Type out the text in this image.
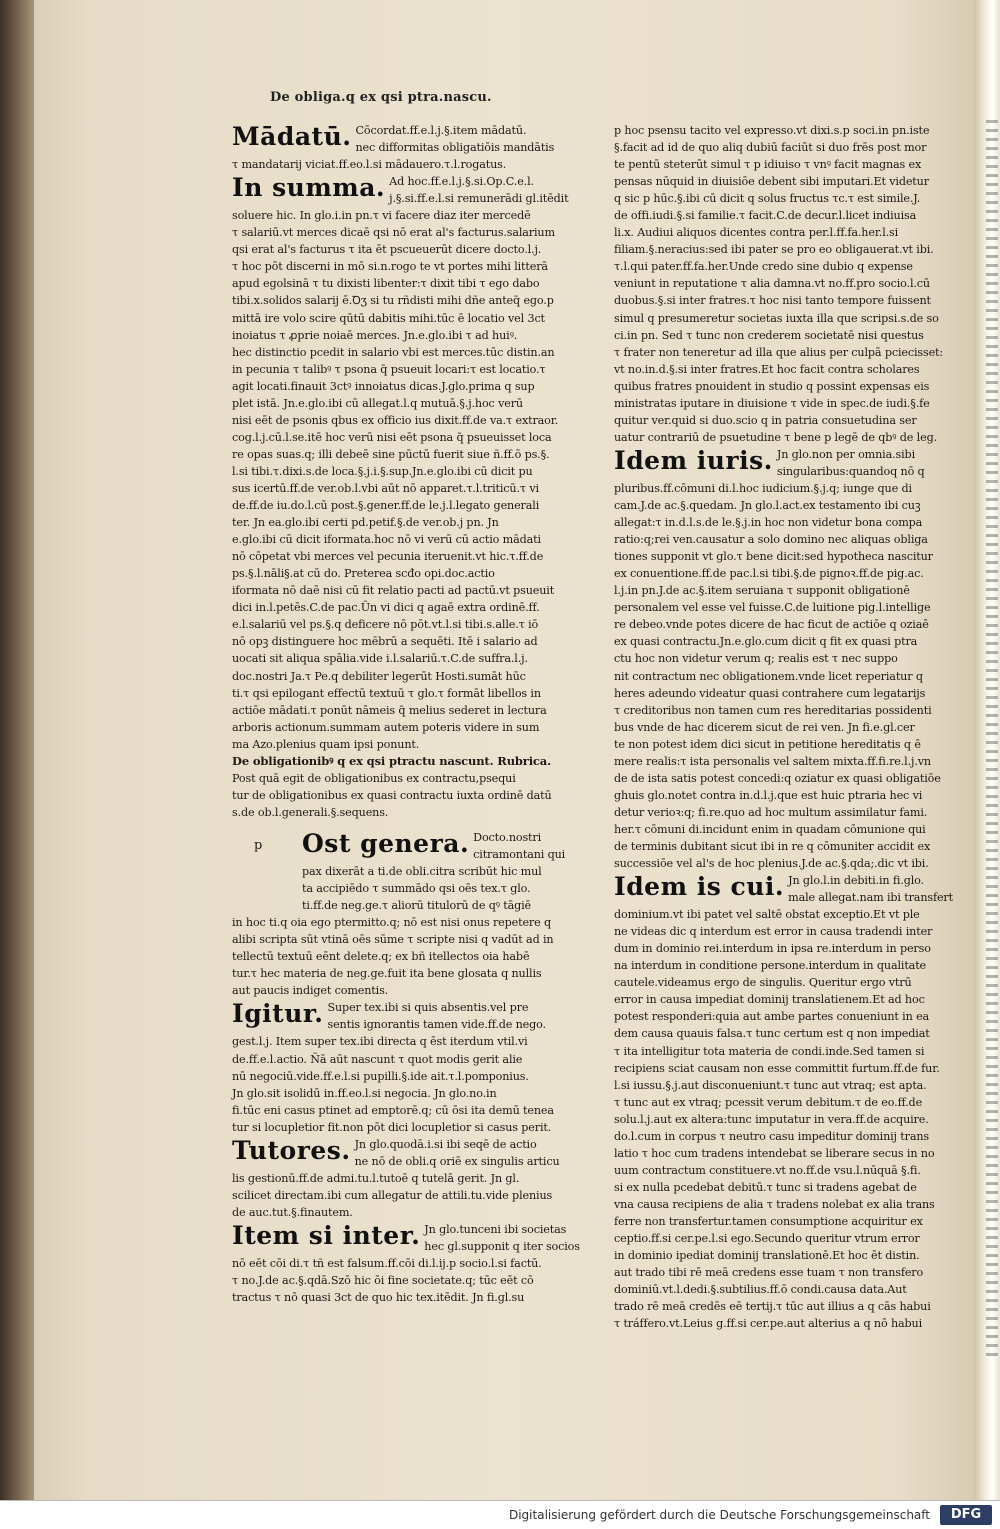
De obliga.q ex qsi ptra.nascu.
p
Mādatū. Cōcordat.ff.e.l.j.§.item mādatū.

nec difformitas obligatiōis mandātis

τ mandatarij viciat.ff.eo.l.si mādauero.τ.l.rogatus.

In summa. Ad hoc.ff.e.l.j.§.si.Op.C.e.l.

j.§.si.ff.e.l.si remunerādi gl.itēdit

soluere hic. In glo.i.in pn.τ vi facere diaz iter mercedē

τ salariū.vt merces dicaē qsi nō erat al's facturus.salarium

qsi erat al's facturus τ ita ēt pscueuerūt dicere docto.l.j.

τ hoc pōt discerni in mō si.n.rogo te vt portes mihi litterā

apud egolsinā τ tu dixisti libenter:τ dixit tibi τ ego dabo

tibi.x.solidos salarij ē.Ꝺʒ si tu rñdisti mihi dñe anteq̄ ego.p

mittā ire volo scire qūtū dabitis mihi.tūc ē locatio vel 3ct

inoiatus τ ꝓprie noiaē merces. Jn.e.glo.ibi τ ad huiꝰ.

hec distinctio pcedit in salario vbi est merces.tūc distin.an

in pecunia τ talibꝰ τ psona q̄ psueuit locari:τ est locatio.τ

agit locati.finauit 3ctꝰ innoiatus dicas.J.glo.prima q sup

plet istā. Jn.e.glo.ibi cū allegat.l.q mutuā.§.j.hoc verū

nisi eēt de psonis qbus ex officio ius dixit.ff.de va.τ extraor.

cog.l.j.cū.l.se.itē hoc verū nisi eēt psona q̄ psueuisset loca

re opas suas.q; illi debeē sine pūctū fuerit siue ñ.ff.ō ps.§.

l.si tibi.τ.dixi.s.de loca.§.j.i.§.sup.Jn.e.glo.ibi cū dicit pu

sus icertū.ff.de ver.ob.l.vbi aūt nō apparet.τ.l.triticū.τ vi

de.ff.de iu.do.l.cū post.§.gener.ff.de le.j.l.legato generali

ter. Jn ea.glo.ibi certi pd.petif.§.de ver.ob.j pn. Jn

e.glo.ibi cū dicit iformata.hoc nō vi verū cū actio mādati

nō cōpetat vbi merces vel pecunia iteruenit.vt hic.τ.ff.de

ps.§.l.nāli§.at cū do. Preterea scđo opi.doc.actio

iformata nō daē nisi cū fit relatio pacti ad pactū.vt psueuit

dici in.l.petēs.C.de pac.Ūn vi dici q agaē extra ordinē.ff.

e.l.salariū vel ps.§.q deficere nō pōt.vt.l.si tibi.s.alle.τ iō

nō opꝫ distinguere hoc mēbrū a sequēti. Itē i salario ad

uocati sit aliqua spālia.vide i.l.salariū.τ.C.de suffra.l.j.

doc.nostri Ja.τ Pe.q debiliter legerūt Hosti.sumāt hūc

ti.τ qsi epilogant effectū textuū τ glo.τ formāt libellos in

actiōe mādati.τ ponūt nāmeis q̄ melius sederet in lectura

arboris actionum.summam autem poteris videre in sum

ma Azo.plenius quam ipsi ponunt.

De obligationibꝰ q ex qsi ptractu nascunt. Rubrica.

Post quā egit de obligationibus ex contractu,psequi

tur de obligationibus ex quasi contractu iuxta ordinē datū

s.de ob.l.generali.§.sequens.

Ost genera. Docto.nostri

citramontani qui

pax dixerāt a ti.de obli.citra scribūt hic mul

ta accipiēdo τ summādo qsi oēs tex.τ glo.

ti.ff.de neg.ge.τ aliorū titulorū de qꝰ tāgiē

in hoc ti.q oia ego ptermitto.q; nō est nisi onus repetere q

alibi scripta sūt vtinā oēs sūme τ scripte nisi q vadūt ad in

tellectū textuū eēnt delete.q; ex bñ itellectos oia habē

tur.τ hec materia de neg.ge.fuit ita bene glosata q nullis

aut paucis indiget comentis.

Igitur. Super tex.ibi si quis absentis.vel pre

sentis ignorantis tamen vide.ff.de nego.

gest.l.j. Item super tex.ibi directa q ēst iterdum vtil.vi

de.ff.e.l.actio. Ñā aūt nascunt τ quot modis gerit alie

nū negociū.vide.ff.e.l.si pupilli.§.ide ait.τ.l.pomponius.

Jn glo.sit isolidū in.ff.eo.l.si negocia. Jn glo.no.in

fi.tūc eni casus ptinet ad emptorē.q; cū ōsi ita demū tenea

tur si locupletior fit.non pōt dici locupletior si casus perit.

Tutores. Jn glo.quodā.i.si ibi seqē de actio

ne nō de obli.q oriē ex singulis articu

lis gestionū.ff.de admi.tu.l.tutoē q tutelā gerit. Jn gl.

scilicet directam.ibi cum allegatur de attili.tu.vide plenius

de auc.tut.§.finautem.

Item si inter. Jn glo.tunceni ibi societas

hec gl.supponit q iter socios

nō eēt cōi di.τ tñ est falsum.ff.cōi di.l.ij.p socio.l.si factū.

τ no.J.de ac.§.qdā.Szō hic ōi fine societate.q; tūc eēt cō

tractus τ nō quasi 3ct de quo hic tex.itēdit. Jn fi.gl.su

p hoc psensu tacito vel expresso.vt dixi.s.p soci.in pn.iste

§.facit ad id de quo aliq dubiū faciūt si duo frēs post mor

te pentū steterūt simul τ p idiuiso τ vnꝰ facit magnas ex

pensas nūquid in diuisiōe debent sibi imputari.Et videtur

q sic p hūc.§.ibi cū dicit q solus fructus τc.τ est simile.J.

de offi.iudi.§.si familie.τ facit.C.de decur.l.licet indiuisa

li.x. Audiui aliquos dicentes contra per.l.ff.fa.her.l.si

filiam.§.neracius:sed ibi pater se pro eo obligauerat.vt ibi.

τ.l.qui pater.ff.fa.her.Unde credo sine dubio q expense

veniunt in reputatione τ alia damna.vt no.ff.pro socio.l.cū

duobus.§.si inter fratres.τ hoc nisi tanto tempore fuissent

simul q presumeretur societas iuxta illa que scripsi.s.de so

ci.in pn. Sed τ tunc non crederem societatē nisi questus

τ frater non teneretur ad illa que alius per culpā pciecisset:

vt no.in.d.§.si inter fratres.Et hoc facit contra scholares

quibus fratres pnouident in studio q possint expensas eis

ministratas iputare in diuisione τ vide in spec.de iudi.§.fe

quitur ver.quid si duo.scio q in patria consuetudina ser

uatur contrariū de psuetudine τ bene p legē de qbꝰ de leg.

Idem iuris. Jn glo.non per omnia.sibi

singularibus:quandoq nō q

pluribus.ff.cōmuni di.l.hoc iudicium.§.j.q; iunge que di

cam.J.de ac.§.quedam. Jn glo.l.act.ex testamento ibi cuꝫ

allegat:τ in.d.l.s.de le.§.j.in hoc non videtur bona compa

ratio:q;rei ven.causatur a solo domino nec aliquas obliga

tiones supponit vt glo.τ bene dicit:sed hypotheca nascitur

ex conuentione.ff.de pac.l.si tibi.§.de pignoꝛ.ff.de pig.ac.

l.j.in pn.J.de ac.§.item seruiana τ supponit obligationē

personalem vel esse vel fuisse.C.de luitione pig.l.intellige

re debeo.vnde potes dicere de hac ficut de actiōe q oziaē

ex quasi contractu.Jn.e.glo.cum dicit q fit ex quasi ptra

ctu hoc non videtur verum q; realis est τ nec suppo

nit contractum nec obligationem.vnde licet reperiatur q

heres adeundo videatur quasi contrahere cum legatarijs

τ creditoribus non tamen cum res hereditarias possidenti

bus vnde de hac dicerem sicut de rei ven. Jn fi.e.gl.cer

te non potest idem dici sicut in petitione hereditatis q ē

mere realis:τ ista personalis vel saltem mixta.ff.fi.re.l.j.vn

de de ista satis potest concedi:q oziatur ex quasi obligatiōe

ghuis glo.notet contra in.d.l.j.que est huic ptraria hec vi

detur verioꝛ:q; fi.re.quo ad hoc multum assimilatur fami.

her.τ cōmuni di.incidunt enim in quadam cōmunione qui

de terminis dubitant sicut ibi in re q cōmuniter accidit ex

successiōe vel al's de hoc plenius.J.de ac.§.qda;.dic vt ibi.

Idem is cui. Jn glo.l.in debiti.in fi.glo.

male allegat.nam ibi transfert

dominium.vt ibi patet vel saltē obstat exceptio.Et vt ple

ne videas dic q interdum est error in causa tradendi inter

dum in dominio rei.interdum in ipsa re.interdum in perso

na interdum in conditione persone.interdum in qualitate

cautele.videamus ergo de singulis. Queritur ergo vtrū

error in causa impediat dominij translatienem.Et ad hoc

potest responderi:quia aut ambe partes conueniunt in ea

dem causa quauis falsa.τ tunc certum est q non impediat

τ ita intelligitur tota materia de condi.inde.Sed tamen si

recipiens sciat causam non esse committit furtum.ff.de fur.

l.si iussu.§.j.aut disconueniunt.τ tunc aut vtraq; est apta.

τ tunc aut ex vtraq; pcessit verum debitum.τ de eo.ff.de

solu.l.j.aut ex altera:tunc imputatur in vera.ff.de acquire.

do.l.cum in corpus τ neutro casu impeditur dominij trans

latio τ hoc cum tradens intendebat se liberare secus in no

uum contractum constituere.vt no.ff.de vsu.l.nūquā §.fi.

si ex nulla pcedebat debitū.τ tunc si tradens agebat de

vna causa recipiens de alia τ tradens nolebat ex alia trans

ferre non transfertur.tamen consumptione acquiritur ex

ceptio.ff.si cer.pe.l.si ego.Secundo queritur vtrum error

in dominio ipediat dominij translationē.Et hoc ēt distin.

aut trado tibi rē meā credens esse tuam τ non transfero

dominiū.vt.l.dedi.§.subtilius.ff.ō condi.causa data.Aut

trado rē meā credēs eē tertij.τ tūc aut illius a q cās habui

τ tráffero.vt.Leius g.ff.si cer.pe.aut alterius a q nō habui

Digitalisierung gefördert durch die Deutsche Forschungsgemeinschaft	DFG
